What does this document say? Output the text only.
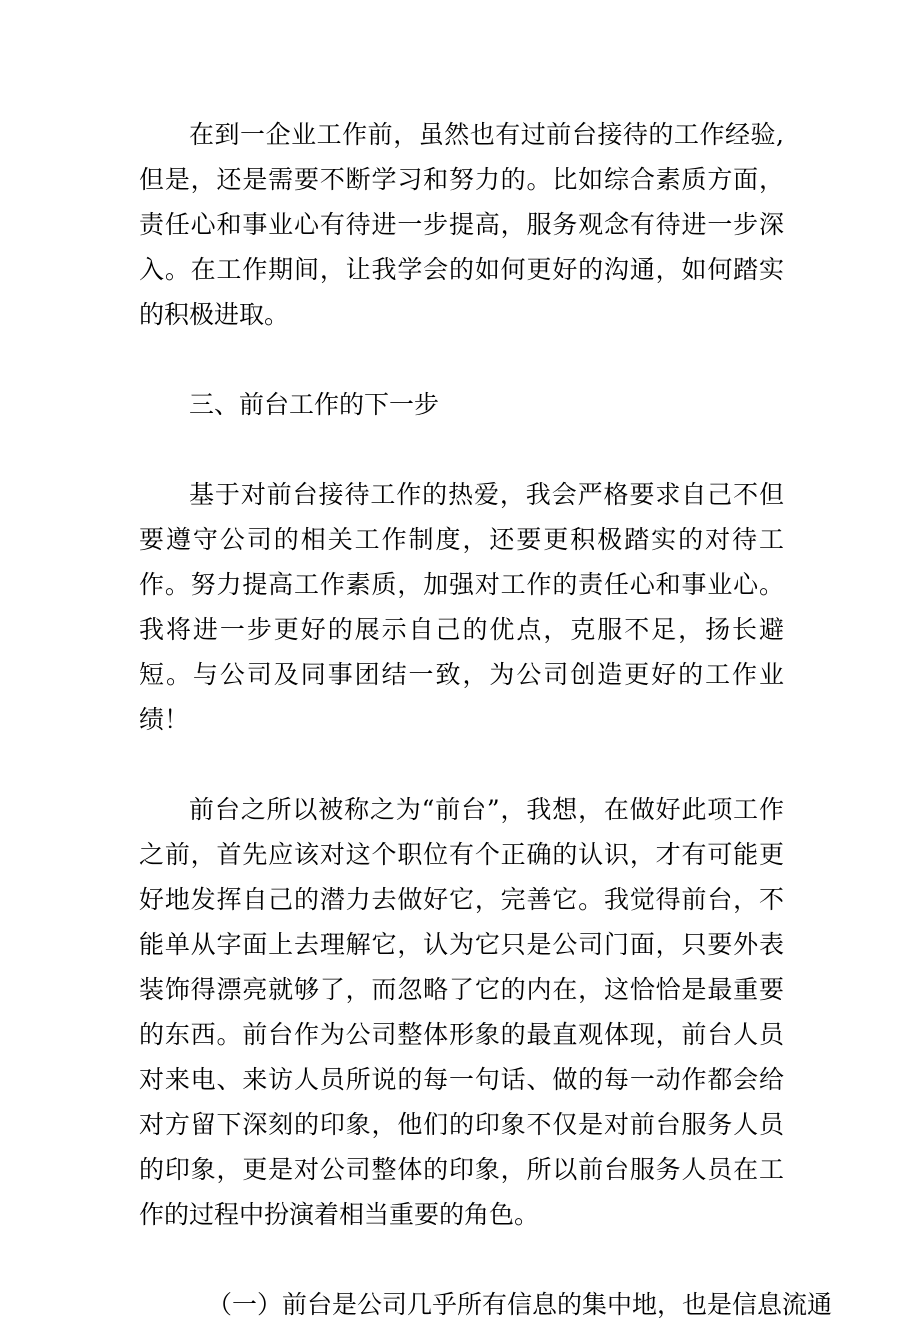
在到一企业工作前，虽然也有过前台接待的工作经验,但是，还是需要不断学习和努力的。比如综合素质方面，责任心和事业心有待进一步提高，服务观念有待进一步深入。在工作期间，让我学会的如何更好的沟通，如何踏实的积极进取。

三、前台工作的下一步

基于对前台接待工作的热爱，我会严格要求自己不但要遵守公司的相关工作制度，还要更积极踏实的对待工作。努力提高工作素质，加强对工作的责任心和事业心。我将进一步更好的展示自己的优点，克服不足，扬长避短。与公司及同事团结一致，为公司创造更好的工作业绩！

前台之所以被称之为“前台”，我想，在做好此项工作之前，首先应该对这个职位有个正确的认识，才有可能更好地发挥自己的潜力去做好它，完善它。我觉得前台，不能单从字面上去理解它，认为它只是公司门面，只要外表装饰得漂亮就够了，而忽略了它的内在，这恰恰是最重要的东西。前台作为公司整体形象的最直观体现，前台人员对来电、来访人员所说的每一句话、做的每一动作都会给对方留下深刻的印象，他们的印象不仅是对前台服务人员的印象，更是对公司整体的印象，所以前台服务人员在工作的过程中扮演着相当重要的角色。

（一）前台是公司几乎所有信息的集中地，也是信息流通
